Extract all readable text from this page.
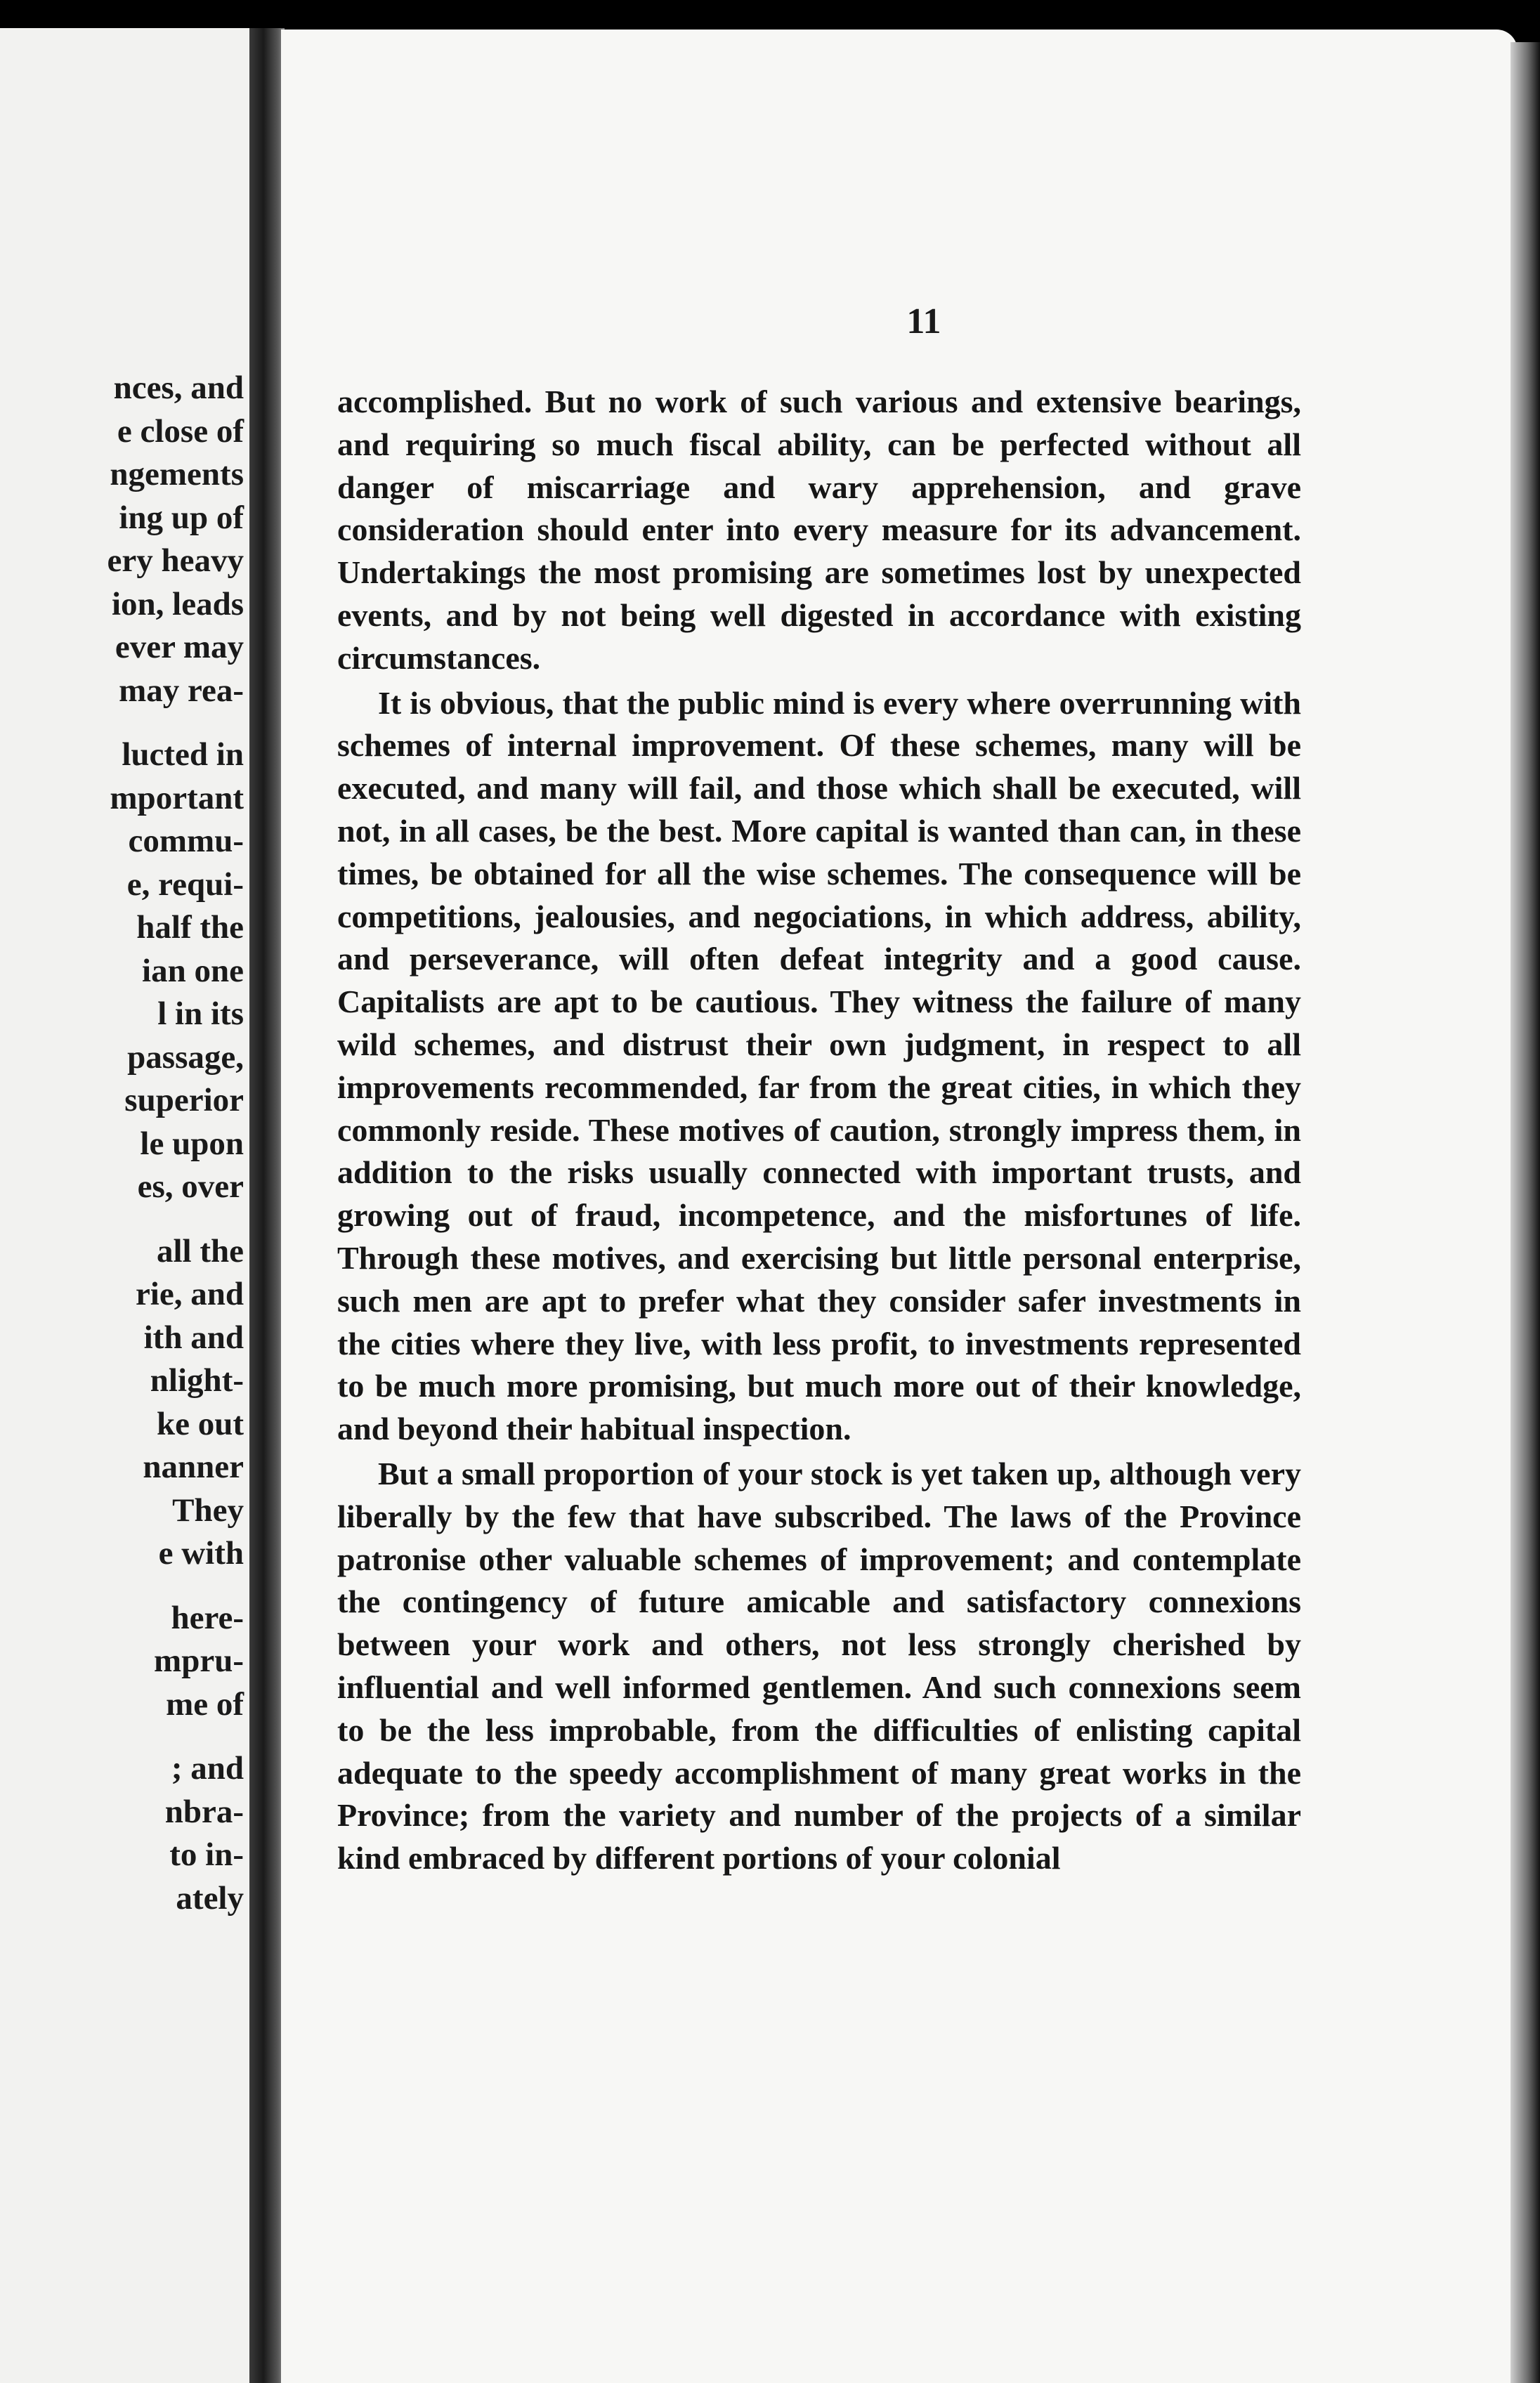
nces, and
e close of
ngements
ing up of
ery heavy
ion, leads
ever may
may rea-
lucted in
mportant
commu-
e, requi-
half the
ian one
l in its
passage,
superior
le upon
es, over
all the
rie, and
ith and
nlight-
ke out
nanner
They
e with
here-
mpru-
me of
; and
nbra-
to in-
ately
11

accomplished. But no work of such various and extensive bearings, and requiring so much fiscal ability, can be perfected without all danger of miscarriage and wary apprehension, and grave consideration should enter into every measure for its advancement. Undertakings the most promising are sometimes lost by unexpected events, and by not being well digested in accordance with existing circumstances.

It is obvious, that the public mind is every where overrunning with schemes of internal improvement. Of these schemes, many will be executed, and many will fail, and those which shall be executed, will not, in all cases, be the best. More capital is wanted than can, in these times, be obtained for all the wise schemes. The consequence will be competitions, jealousies, and negociations, in which address, ability, and perseverance, will often defeat integrity and a good cause. Capitalists are apt to be cautious. They witness the failure of many wild schemes, and distrust their own judgment, in respect to all improvements recommended, far from the great cities, in which they commonly reside. These motives of caution, strongly impress them, in addition to the risks usually connected with important trusts, and growing out of fraud, incompetence, and the misfortunes of life. Through these motives, and exercising but little personal enterprise, such men are apt to prefer what they consider safer investments in the cities where they live, with less profit, to investments represented to be much more promising, but much more out of their knowledge, and beyond their habitual inspection.

But a small proportion of your stock is yet taken up, although very liberally by the few that have subscribed. The laws of the Province patronise other valuable schemes of improvement; and contemplate the contingency of future amicable and satisfactory connexions between your work and others, not less strongly cherished by influential and well informed gentlemen. And such connexions seem to be the less improbable, from the difficulties of enlisting capital adequate to the speedy accomplishment of many great works in the Province; from the variety and number of the projects of a similar kind embraced by different portions of your colonial
